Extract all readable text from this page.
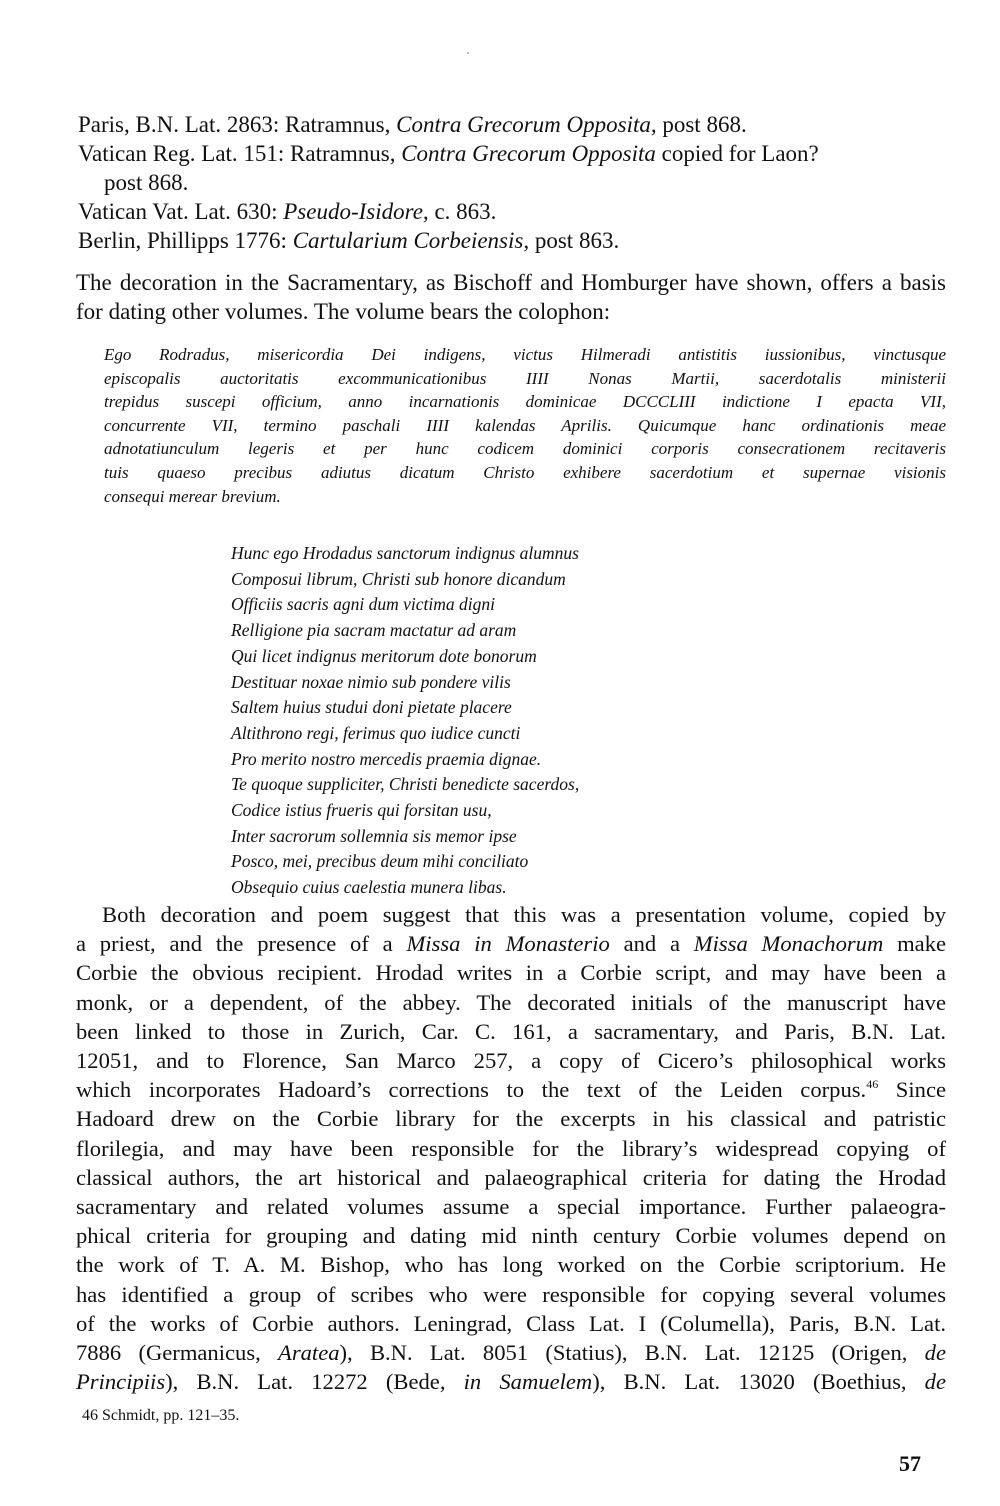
Paris, B.N. Lat. 2863: Ratramnus, Contra Grecorum Opposita, post 868.
Vatican Reg. Lat. 151: Ratramnus, Contra Grecorum Opposita copied for Laon?
post 868.
Vatican Vat. Lat. 630: Pseudo-Isidore, c. 863.
Berlin, Phillipps 1776: Cartularium Corbeiensis, post 863.
The decoration in the Sacramentary, as Bischoff and Homburger have shown, offers a basis for dating other volumes. The volume bears the colophon:
Ego Rodradus, misericordia Dei indigens, victus Hilmeradi antistitis iussionibus, vinctusque
episcopalis auctoritatis excommunicationibus IIII Nonas Martii, sacerdotalis ministerii
trepidus suscepi officium, anno incarnationis dominicae DCCCLIII indictione I epacta VII,
concurrente VII, termino paschali IIII kalendas Aprilis. Quicumque hanc ordinationis meae
adnotatiunculum legeris et per hunc codicem dominici corporis consecrationem recitaveris
tuis quaeso precibus adiutus dicatum Christo exhibere sacerdotium et supernae visionis
consequi merear brevium.
Hunc ego Hrodadus sanctorum indignus alumnus
Composui librum, Christi sub honore dicandum
Officiis sacris agni dum victima digni
Relligione pia sacram mactatur ad aram
Qui licet indignus meritorum dote bonorum
Destituar noxae nimio sub pondere vilis
Saltem huius studui doni pietate placere
Altithrono regi, ferimus quo iudice cuncti
Pro merito nostro mercedis praemia dignae.
Te quoque suppliciter, Christi benedicte sacerdos,
Codice istius frueris qui forsitan usu,
Inter sacrorum sollemnia sis memor ipse
Posco, mei, precibus deum mihi conciliato
Obsequio cuius caelestia munera libas.
Both decoration and poem suggest that this was a presentation volume, copied by
a priest, and the presence of a Missa in Monasterio and a Missa Monachorum make
Corbie the obvious recipient. Hrodad writes in a Corbie script, and may have been a
monk, or a dependent, of the abbey. The decorated initials of the manuscript have
been linked to those in Zurich, Car. C. 161, a sacramentary, and Paris, B.N. Lat.
12051, and to Florence, San Marco 257, a copy of Cicero’s philosophical works
which incorporates Hadoard’s corrections to the text of the Leiden corpus.$^{46}$ Since
Hadoard drew on the Corbie library for the excerpts in his classical and patristic
florilegia, and may have been responsible for the library’s widespread copying of
classical authors, the art historical and palaeographical criteria for dating the Hrodad
sacramentary and related volumes assume a special importance. Further palaeogra-
phical criteria for grouping and dating mid ninth century Corbie volumes depend on
the work of T. A. M. Bishop, who has long worked on the Corbie scriptorium. He
has identified a group of scribes who were responsible for copying several volumes
of the works of Corbie authors. Leningrad, Class Lat. I (Columella), Paris, B.N. Lat.
7886 (Germanicus, Aratea), B.N. Lat. 8051 (Statius), B.N. Lat. 12125 (Origen, de
Principiis), B.N. Lat. 12272 (Bede, in Samuelem), B.N. Lat. 13020 (Boethius, de
46 Schmidt, pp. 121–35.
57
